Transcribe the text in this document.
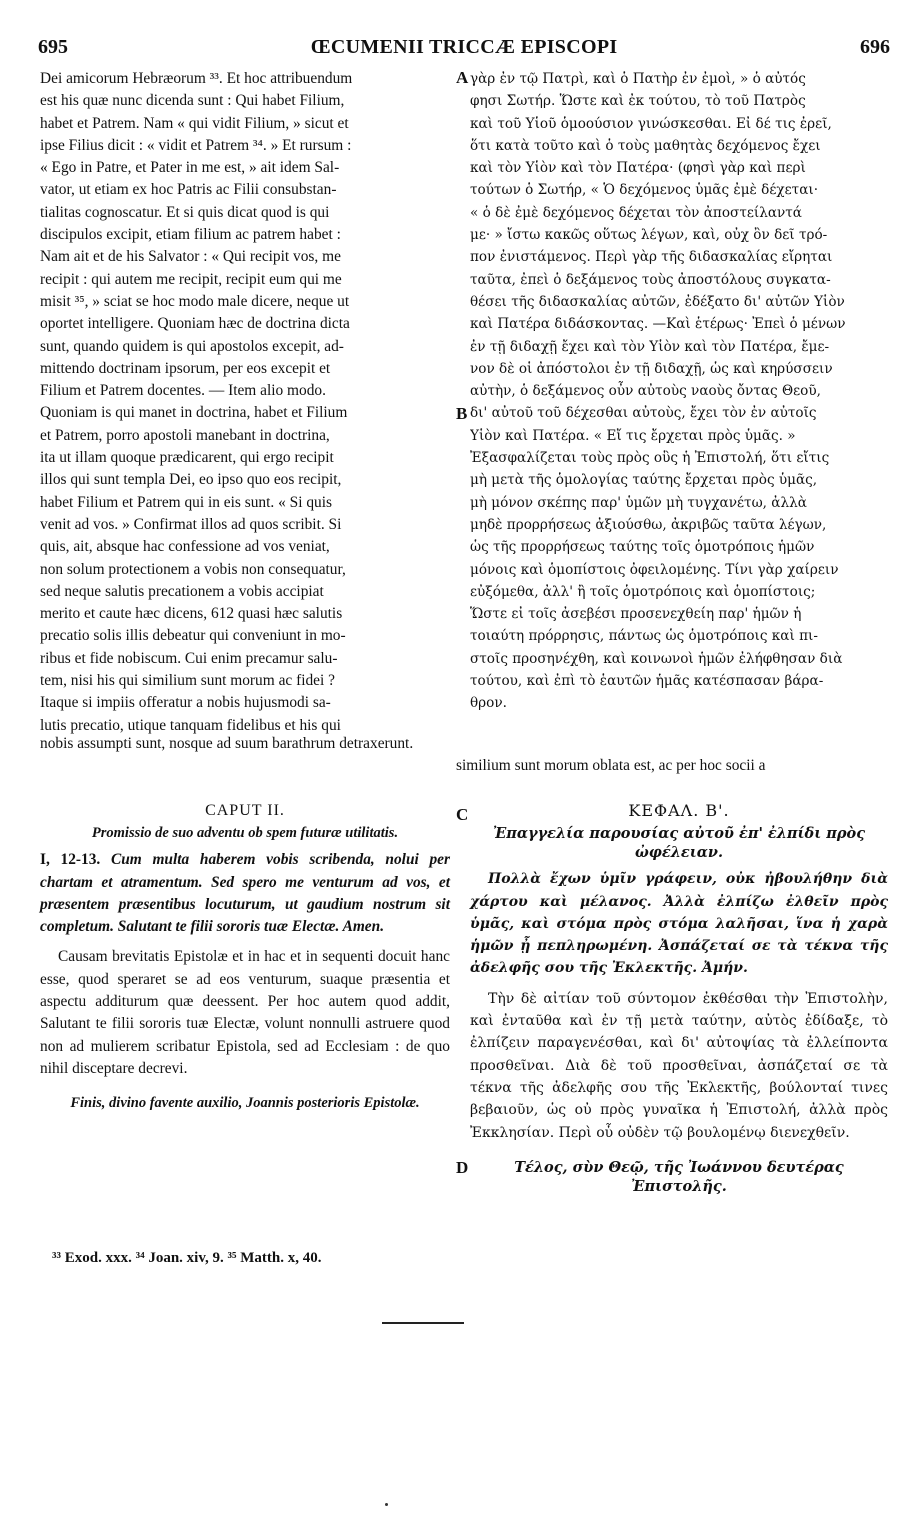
695	ŒCUMENII TRICCÆ EPISCOPI	696
A
B
C
D

Dei amicorum Hebræorum ³³. Et hoc attribuendum

est his quæ nunc dicenda sunt : Qui habet Filium,

habet et Patrem. Nam « qui vidit Filium, » sicut et

ipse Filius dicit : « vidit et Patrem ³⁴. » Et rursum :

« Ego in Patre, et Pater in me est, » ait idem Sal-

vator, ut etiam ex hoc Patris ac Filii consubstan-

tialitas cognoscatur. Et si quis dicat quod is qui

discipulos excipit, etiam filium ac patrem habet :

Nam ait et de his Salvator : « Qui recipit vos, me

recipit : qui autem me recipit, recipit eum qui me

misit ³⁵, » sciat se hoc modo male dicere, neque ut

oportet intelligere. Quoniam hæc de doctrina dicta

sunt, quando quidem is qui apostolos excepit, ad-

mittendo doctrinam ipsorum, per eos excepit et

Filium et Patrem docentes. — Item alio modo.

Quoniam is qui manet in doctrina, habet et Filium

et Patrem, porro apostoli manebant in doctrina,

ita ut illam quoque prædicarent, qui ergo recipit

illos qui sunt templa Dei, eo ipso quo eos recipit,

habet Filium et Patrem qui in eis sunt. « Si quis

venit ad vos. » Confirmat illos ad quos scribit. Si

quis, ait, absque hac confessione ad vos veniat,

non solum protectionem a vobis non consequatur,

sed neque salutis precationem a vobis accipiat

merito et caute hæc dicens, 612 quasi hæc salutis

precatio solis illis debeatur qui conveniunt in mo-

ribus et fide nobiscum. Cui enim precamur salu-

tem, nisi his qui similium sunt morum ac fidei ?

Itaque si impiis offeratur a nobis hujusmodi sa-

lutis precatio, utique tanquam fidelibus et his qui

γὰρ ἐν τῷ Πατρὶ, καὶ ὁ Πατὴρ ἐν ἐμοὶ, » ὁ αὐτός

φησι Σωτήρ. Ὥστε καὶ ἐκ τούτου, τὸ τοῦ Πατρὸς

καὶ τοῦ Υἱοῦ ὁμοούσιον γινώσκεσθαι. Εἰ δέ τις ἐρεῖ,

ὅτι κατὰ τοῦτο καὶ ὁ τοὺς μαθητὰς δεχόμενος ἔχει

καὶ τὸν Υἱὸν καὶ τὸν Πατέρα· (φησὶ γὰρ καὶ περὶ

τούτων ὁ Σωτήρ, « Ὁ δεχόμενος ὑμᾶς ἐμὲ δέχεται·

« ὁ δὲ ἐμὲ δεχόμενος δέχεται τὸν ἀποστείλαντά

με· » ἴστω κακῶς οὕτως λέγων, καὶ, οὐχ ὂν δεῖ τρό-

πον ἐνιστάμενος. Περὶ γὰρ τῆς διδασκαλίας εἴρηται

ταῦτα, ἐπεὶ ὁ δεξάμενος τοὺς ἀποστόλους συγκατα-

θέσει τῆς διδασκαλίας αὐτῶν, ἐδέξατο δι' αὐτῶν Υἱὸν

καὶ Πατέρα διδάσκοντας. —Καὶ ἑτέρως· Ἐπεὶ ὁ μένων

ἐν τῇ διδαχῇ ἔχει καὶ τὸν Υἱὸν καὶ τὸν Πατέρα, ἔμε-

νον δὲ οἱ ἀπόστολοι ἐν τῇ διδαχῇ, ὡς καὶ κηρύσσειν

αὐτὴν, ὁ δεξάμενος οὖν αὐτοὺς ναοὺς ὄντας Θεοῦ,

δι' αὐτοῦ τοῦ δέχεσθαι αὐτοὺς, ἔχει τὸν ἐν αὐτοῖς

Υἱὸν καὶ Πατέρα. « Εἴ τις ἔρχεται πρὸς ὑμᾶς. »

Ἐξασφαλίζεται τοὺς πρὸς οὓς ἡ Ἐπιστολή, ὅτι εἴτις

μὴ μετὰ τῆς ὁμολογίας ταύτης ἔρχεται πρὸς ὑμᾶς,

μὴ μόνον σκέπης παρ' ὑμῶν μὴ τυγχανέτω, ἀλλὰ

μηδὲ προρρήσεως ἀξιούσθω, ἀκριβῶς ταῦτα λέγων,

ὡς τῆς προρρήσεως ταύτης τοῖς ὁμοτρόποις ἡμῶν

μόνοις καὶ ὁμοπίστοις ὀφειλομένης. Τίνι γὰρ χαίρειν

εὐξόμεθα, ἀλλ' ἢ τοῖς ὁμοτρόποις καὶ ὁμοπίστοις;

Ὥστε εἰ τοῖς ἀσεβέσι προσενεχθείη παρ' ἡμῶν ἡ

τοιαύτη πρόρρησις, πάντως ὡς ὁμοτρόποις καὶ πι-

στοῖς προσηνέχθη, καὶ κοινωνοὶ ἡμῶν ἐλήφθησαν διὰ

τούτου, καὶ ἐπὶ τὸ ἑαυτῶν ἡμᾶς κατέσπασαν βάρα-

θρον.

similium sunt morum oblata est, ac per hoc socii a
nobis assumpti sunt, nosque ad suum barathrum detraxerunt.

CAPUT II.

Promissio de suo adventu ob spem futuræ utilitatis.

I, 12-13. Cum multa haberem vobis scribenda, nolui per chartam et atramentum. Sed spero me venturum ad vos, et præsentem præsentibus locuturum, ut gaudium nostrum sit completum. Salutant te filii sororis tuæ Electæ. Amen.

Causam brevitatis Epistolæ et in hac et in sequenti docuit hanc esse, quod speraret se ad eos venturum, suaque præsentia et aspectu additurum quæ deessent. Per hoc autem quod addit, Salutant te filii sororis tuæ Electæ, volunt nonnulli astruere quod non ad mulierem scribatur Epistola, sed ad Ecclesiam : de quo nihil disceptare decrevi.

Finis, divino favente auxilio, Joannis posterioris Epistolæ.

ΚΕΦΑΛ. Β'.

Ἐπαγγελία παρουσίας αὐτοῦ ἐπ' ἐλπίδι πρὸς ὠφέλειαν.

Πολλὰ ἔχων ὑμῖν γράφειν, οὐκ ἠβουλήθην διὰ χάρτου καὶ μέλανος. Ἀλλὰ ἐλπίζω ἐλθεῖν πρὸς ὑμᾶς, καὶ στόμα πρὸς στόμα λαλῆσαι, ἵνα ἡ χαρὰ ἡμῶν ᾖ πεπληρωμένη. Ἀσπάζεταί σε τὰ τέκνα τῆς ἀδελφῆς σου τῆς Ἐκλεκτῆς. Ἀμήν.

Τὴν δὲ αἰτίαν τοῦ σύντομον ἐκθέσθαι τὴν Ἐπιστολὴν, καὶ ἐνταῦθα καὶ ἐν τῇ μετὰ ταύτην, αὐτὸς ἐδίδαξε, τὸ ἐλπίζειν παραγενέσθαι, καὶ δι' αὐτοψίας τὰ ἐλλείποντα προσθεῖναι. Διὰ δὲ τοῦ προσθεῖναι, ἀσπάζεταί σε τὰ τέκνα τῆς ἀδελφῆς σου τῆς Ἐκλεκτῆς, βούλονταί τινες βεβαιοῦν, ὡς οὐ πρὸς γυναῖκα ἡ Ἐπιστολή, ἀλλὰ πρὸς Ἐκκλησίαν. Περὶ οὗ οὐδὲν τῷ βουλομένῳ διενεχθεῖν.

Τέλος, σὺν Θεῷ, τῆς Ἰωάννου δευτέρας Ἐπιστολῆς.

³³ Exod. xxx. ³⁴ Joan. xiv, 9. ³⁵ Matth. x, 40.
